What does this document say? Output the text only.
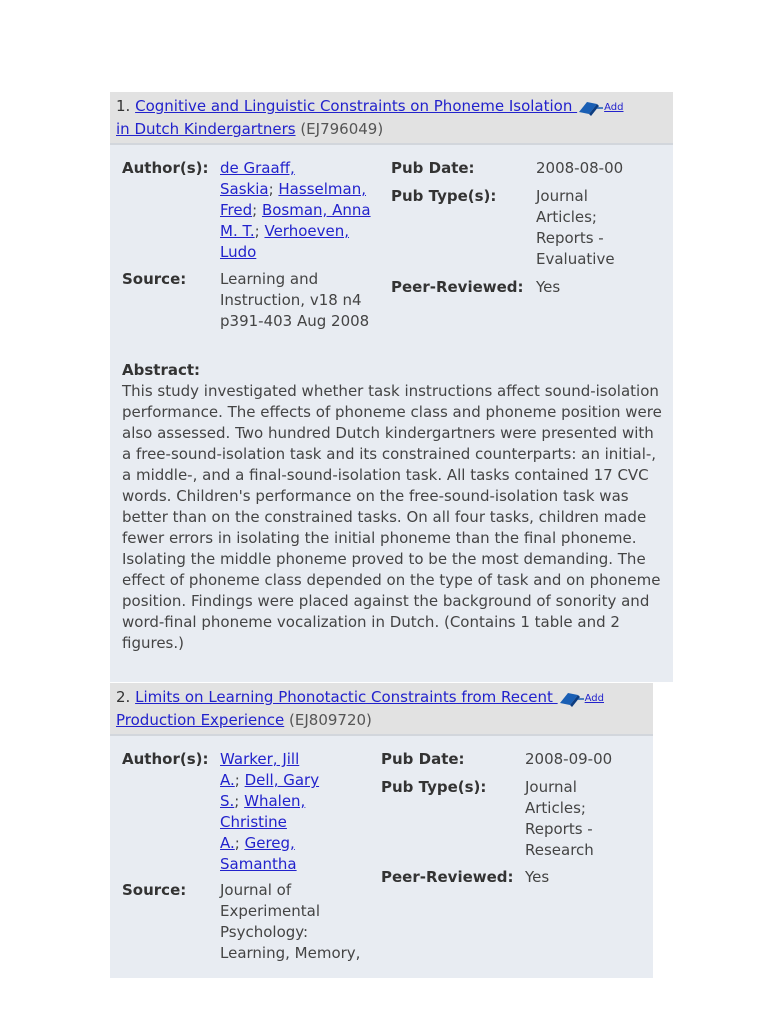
1. Cognitive and Linguistic Constraints on Phoneme Isolation	$^{Add}$
in Dutch Kindergartners (EJ796049)
Author(s): de Graaff,
Saskia; Hasselman,
Fred; Bosman, Anna
M. T.; Verhoeven,
Ludo
Source: Learning and
Instruction, v18 n4
p391-403 Aug 2008
Pub Date:	2008-08-00
Pub Type(s):	Journal
Articles;
Reports -
Evaluative
Peer-Reviewed: Yes
Abstract:
This study investigated whether task instructions affect sound-isolation performance. The effects of phoneme class and phoneme position were also assessed. Two hundred Dutch kindergartners were presented with a free-sound-isolation task and its constrained counterparts: an initial-, a middle-, and a final-sound-isolation task. All tasks contained 17 CVC words. Children's performance on the free-sound-isolation task was better than on the constrained tasks. On all four tasks, children made fewer errors in isolating the initial phoneme than the final phoneme. Isolating the middle phoneme proved to be the most demanding. The effect of phoneme class depended on the type of task and on phoneme position. Findings were placed against the background of sonority and word-final phoneme vocalization in Dutch. (Contains 1 table and 2 figures.)
2. Limits on Learning Phonotactic Constraints from Recent	$^{Add}$
Production Experience (EJ809720)
Author(s): Warker, Jill
A.; Dell, Gary
S.; Whalen,
Christine
A.; Gereg,
Samantha
Source: Journal of
Experimental
Psychology:
Learning, Memory,
Pub Date:	2008-09-00
Pub Type(s):	Journal
Articles;
Reports -
Research
Peer-Reviewed: Yes
